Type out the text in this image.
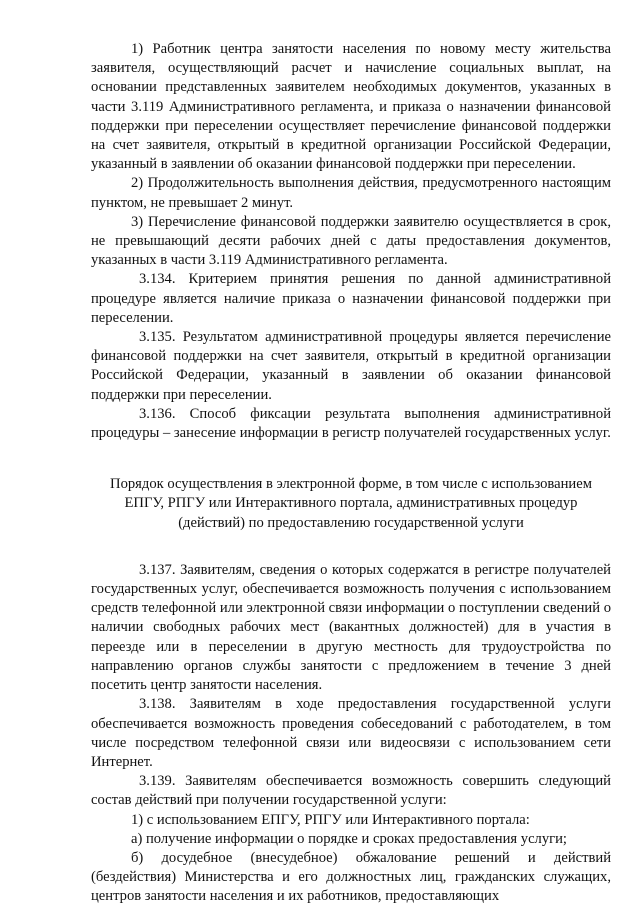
1) Работник центра занятости населения по новому месту жительства заявителя, осуществляющий расчет и начисление социальных выплат, на основании представленных заявителем необходимых документов, указанных в части 3.119 Административного регламента, и приказа о назначении финансовой поддержки при переселении осуществляет перечисление финансовой поддержки на счет заявителя, открытый в кредитной организации Российской Федерации, указанный в заявлении об оказании финансовой поддержки при переселении.

2) Продолжительность выполнения действия, предусмотренного настоящим пунктом, не превышает 2 минут.

3) Перечисление финансовой поддержки заявителю осуществляется в срок, не превышающий десяти рабочих дней с даты предоставления документов, указанных в части 3.119 Административного регламента.

3.134. Критерием принятия решения по данной административной процедуре является наличие приказа о назначении финансовой поддержки при переселении.

3.135. Результатом административной процедуры является перечисление финансовой поддержки на счет заявителя, открытый в кредитной организации Российской Федерации, указанный в заявлении об оказании финансовой поддержки при переселении.

3.136. Способ фиксации результата выполнения административной процедуры – занесение информации в регистр получателей государственных услуг.

Порядок осуществления в электронной форме, в том числе с использованием
ЕПГУ, РПГУ или Интерактивного портала, административных процедур
(действий) по предоставлению государственной услуги

3.137. Заявителям, сведения о которых содержатся в регистре получателей государственных услуг, обеспечивается возможность получения с использованием средств телефонной или электронной связи информации о поступлении сведений о наличии свободных рабочих мест (вакантных должностей) для в участия в переезде или в переселении в другую местность для трудоустройства по направлению органов службы занятости с предложением в течение 3 дней посетить центр занятости населения.

3.138. Заявителям в ходе предоставления государственной услуги обеспечивается возможность проведения собеседований с работодателем, в том числе посредством телефонной связи или видеосвязи с использованием сети Интернет.

3.139. Заявителям обеспечивается возможность совершить следующий состав действий при получении государственной услуги:

1) с использованием ЕПГУ, РПГУ или Интерактивного портала:

а) получение информации о порядке и сроках предоставления услуги;

б) досудебное (внесудебное) обжалование решений и действий (бездействия) Министерства и его должностных лиц, гражданских служащих, центров занятости населения и их работников, предоставляющих
